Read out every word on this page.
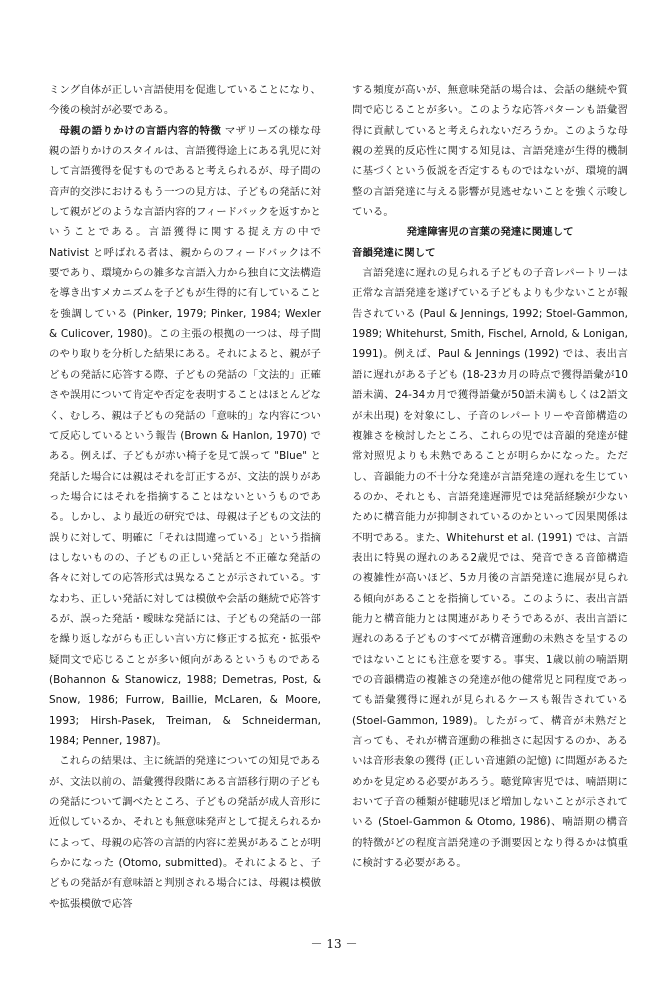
ミング自体が正しい言語使用を促進していることになり、今後の検討が必要である。

母親の語りかけの言語内容的特徴 マザリーズの様な母親の語りかけのスタイルは、言語獲得途上にある乳児に対して言語獲得を促すものであると考えられるが、母子間の音声的交渉におけるもう一つの見方は、子どもの発話に対して親がどのような言語内容的フィードバックを返すかということである。言語獲得に関する捉え方の中で Nativist と呼ばれる者は、親からのフィードバックは不要であり、環境からの雑多な言語入力から独自に文法構造を導き出すメカニズムを子どもが生得的に有していることを強調している (Pinker, 1979; Pinker, 1984; Wexler & Culicover, 1980)。この主張の根拠の一つは、母子間のやり取りを分析した結果にある。それによると、親が子どもの発話に応答する際、子どもの発話の「文法的」正確さや誤用について肯定や否定を表明することはほとんどなく、むしろ、親は子どもの発話の「意味的」な内容について反応しているという報告 (Brown & Hanlon, 1970) である。例えば、子どもが赤い椅子を見て誤って "Blue" と発話した場合には親はそれを訂正するが、文法的誤りがあった場合にはそれを指摘することはないというものである。しかし、より最近の研究では、母親は子どもの文法的誤りに対して、明確に「それは間違っている」という指摘はしないものの、子どもの正しい発話と不正確な発話の各々に対しての応答形式は異なることが示されている。すなわち、正しい発話に対しては模倣や会話の継続で応答するが、誤った発話・曖昧な発話には、子どもの発話の一部を繰り返しながらも正しい言い方に修正する拡充・拡張や疑問文で応じることが多い傾向があるというものである (Bohannon & Stanowicz, 1988; Demetras, Post, & Snow, 1986; Furrow, Baillie, McLaren, & Moore, 1993; Hirsh-Pasek, Treiman, & Schneiderman, 1984; Penner, 1987)。

これらの結果は、主に統語的発達についての知見であるが、文法以前の、語彙獲得段階にある言語移行期の子どもの発話について調べたところ、子どもの発話が成人音形に近似しているか、それとも無意味発声として捉えられるかによって、母親の応答の言語的内容に差異があることが明らかになった (Otomo, submitted)。それによると、子どもの発話が有意味語と判別される場合には、母親は模倣や拡張模倣で応答

する頻度が高いが、無意味発話の場合は、会話の継続や質問で応じることが多い。このような応答パターンも語彙習得に貢献していると考えられないだろうか。このような母親の差異的反応性に関する知見は、言語発達が生得的機制に基づくという仮説を否定するものではないが、環境的調整の言語発達に与える影響が見逃せないことを強く示唆している。

発達障害児の言葉の発達に関連して

音韻発達に関して

言語発達に遅れの見られる子どもの子音レパートリーは正常な言語発達を遂げている子どもよりも少ないことが報告されている (Paul & Jennings, 1992; Stoel-Gammon, 1989; Whitehurst, Smith, Fischel, Arnold, & Lonigan, 1991)。例えば、Paul & Jennings (1992) では、表出言語に遅れがある子ども (18-23カ月の時点で獲得語彙が10語未満、24-34カ月で獲得語彙が50語未満もしくは2語文が未出現) を対象にし、子音のレパートリーや音節構造の複雑さを検討したところ、これらの児では音韻的発達が健常対照児よりも未熟であることが明らかになった。ただし、音韻能力の不十分な発達が言語発達の遅れを生じているのか、それとも、言語発達遅滞児では発話経験が少ないために構音能力が抑制されているのかといって因果関係は不明である。また、Whitehurst et al. (1991) では、言語表出に特異の遅れのある2歳児では、発音できる音節構造の複雑性が高いほど、5カ月後の言語発達に進展が見られる傾向があることを指摘している。このように、表出言語能力と構音能力とは関連がありそうであるが、表出言語に遅れのある子どものすべてが構音運動の未熟さを呈するのではないことにも注意を要する。事実、1歳以前の喃語期での音韻構造の複雑さの発達が他の健常児と同程度であっても語彙獲得に遅れが見られるケースも報告されている (Stoel-Gammon, 1989)。したがって、構音が未熟だと言っても、それが構音運動の稚拙さに起因するのか、あるいは音形表象の獲得 (正しい音連鎖の記憶) に問題があるためかを見定める必要があろう。聴覚障害児では、喃語期において子音の種類が健聴児ほど増加しないことが示されている (Stoel-Gammon & Otomo, 1986)、喃語期の構音的特徴がどの程度言語発達の予測要因となり得るかは慎重に検討する必要がある。

－ 13 －
